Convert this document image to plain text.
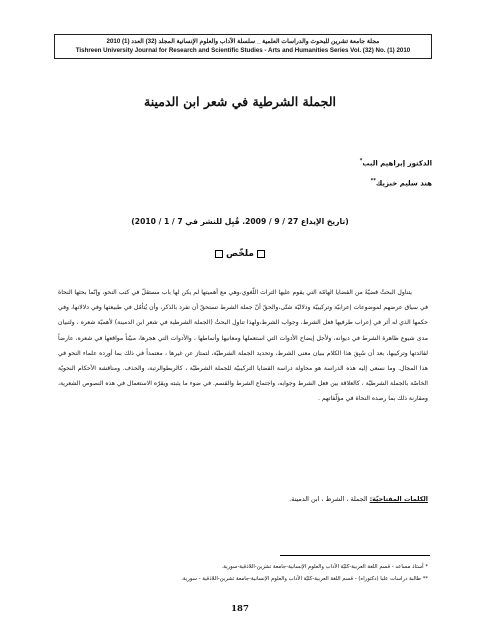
مجلة جامعة تشرين للبحوث والدراسات العلمية _ سلسلة الآداب والعلوم الإنسانية المجلد (32) العدد (1) 2010
Tishreen University Journal for Research and Scientific Studies - Arts and Humanities Series Vol. (32) No. (1) 2010
الجملة الشرطية في شعر ابن الدمينة
الدكتور إبراهيم البب*
هند سليم خبزيك**
(تاريخ الإيداع 27 / 9 / 2009. قُبِل للنشر في 7 / 1 / 2010)
ملخّص

يتناول البحثُ قضيّةً من القضايا الهامّة التي يقوم عليها التراث اللّغوي،وهي مع أهميتها لم يكن لها باب مستقلّ في كتب النحو، وإنّما بحثها النحاة في سياق عرضهم لموضوعات إعرابيّة وتركيبيّة ودلاليّة شتّى،والحقّ أنّ جملة الشرط تستحقّ أن تفرد بالذكر، وأن يُتأمّل في طبيعتها وفي دلالاتها، وفي حكمها الذي له أثر في إعراب طرفيها فعل الشرط، وجواب الشرط،ولهذا تناول البحثُ (الجملة الشرطية في شعر ابن الدمينة) لأهميّة شعره ، ولتبيان مدى شيوع ظاهرة الشرط في ديوانه، ولأجل إيضاح الأدوات التي استعملها ومعانيها وأنماطها ، والأدوات التي هجرها، مبيّناً مواقعها في شعره، عارضاً لفائدتها وتركيبها، بعد أن سُبِقَ هذا الكلام ببيان معنى الشرط، وتحديد الجملة الشرطيّة، لتمتاز عن غيرها ، معتمداً في ذلك بما أورده علماء النحو في هذا المجال. وما نسعى إليه هذه الدراسة هو محاولة دراسة القضايا التركيبيّة للجملة الشرطيّة ، كالربطوالرتبة، والحذف. ومناقشة الأحكام النحويّة الخاصّة بالجملة الشرطيّة ، كالعلاقة بين فعل الشرط وجوابه، واجتماع الشرط والقسم. في ضوء ما يثبته ويقرّه الاستعمال في هذه النصوص الشعرية، ومقارنة ذلك بما رصده النحاة في مؤلّفاتهم .

الكلمات المفتاحيّة: الجملة ، الشرط ، ابن الدمينة.
* أستاذ مساعد - قسم اللغة العربية-كليّة الآداب والعلوم الإنسانية-جامعة تشرين-اللاذقية-سورية.
** طالبة دراسات عليا (دكتوراه) - قسم اللغة العربية-كليّة الآداب والعلوم الإنسانية-جامعة تشرين-اللاذقية - سورية.
187
